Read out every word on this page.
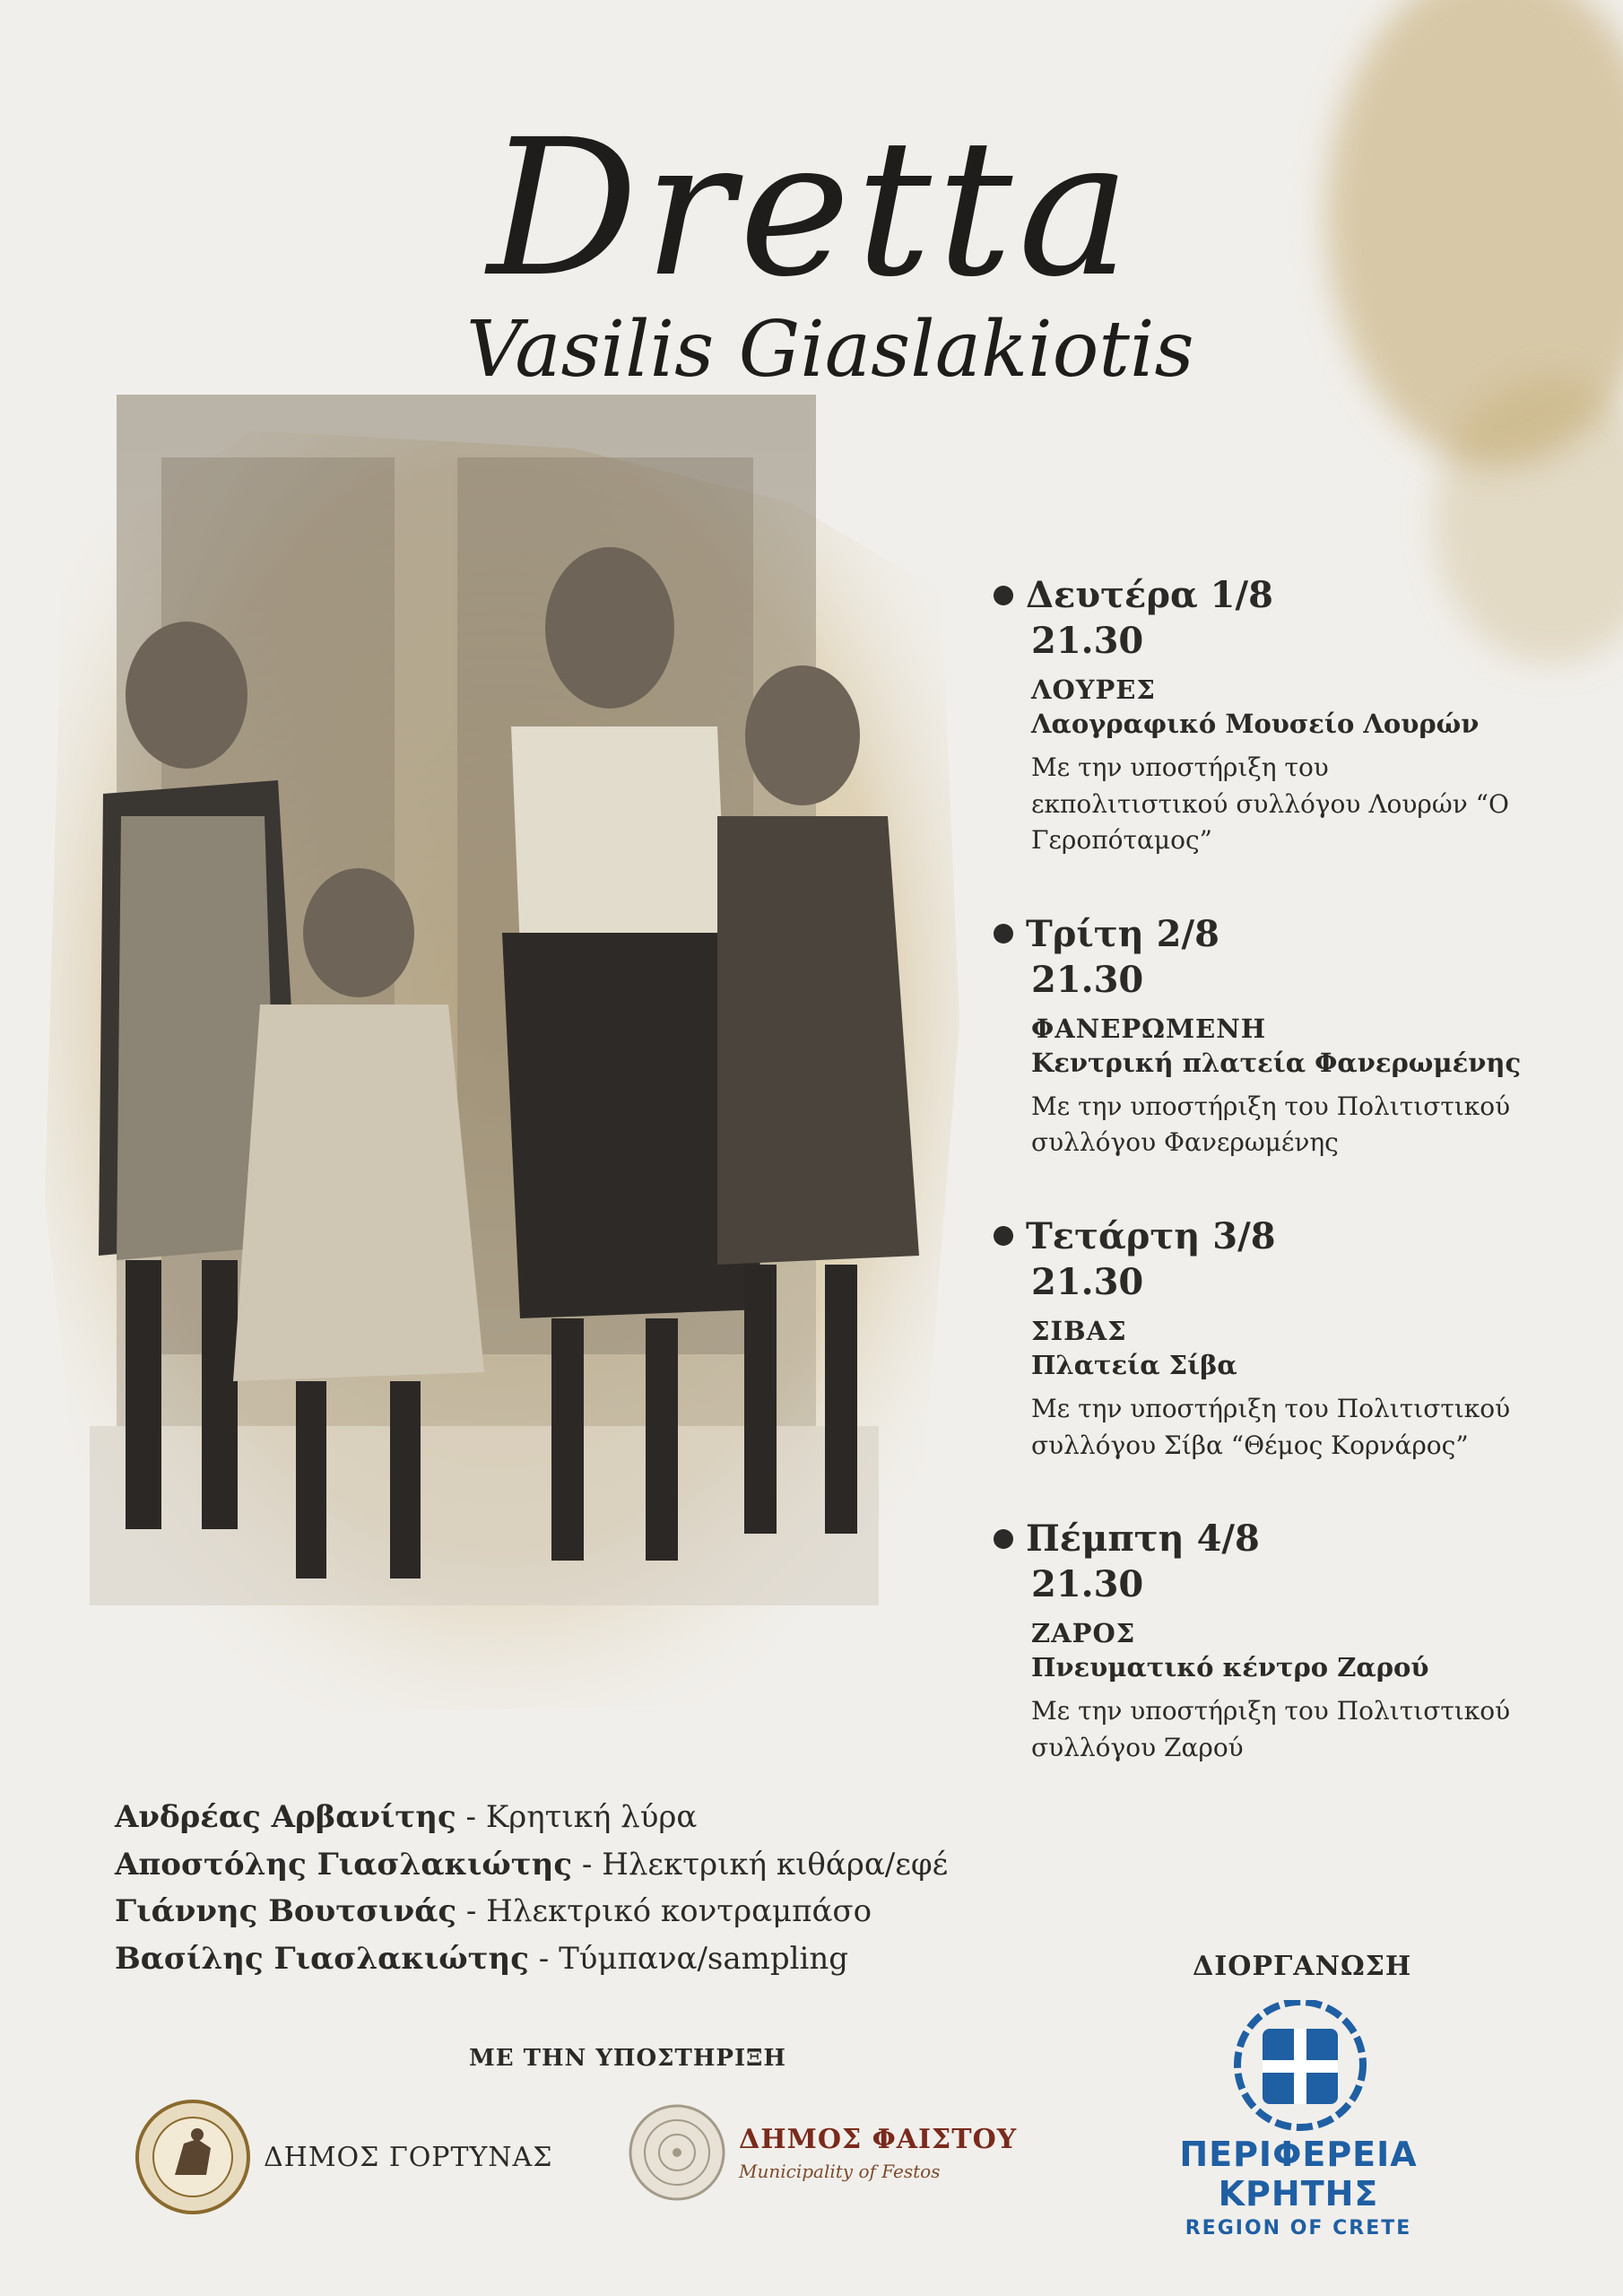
Dretta
Vasilis Giaslakiotis
Δευτέρα 1/8
21.30
ΛΟΥΡΕΣ
Λαογραφικό Μουσείο Λουρών
Με την υποστήριξη του εκπολιτιστικού συλλόγου Λουρών “Ο Γεροπόταμος”
Τρίτη 2/8
21.30
ΦΑΝΕΡΩΜΕΝΗ
Κεντρική πλατεία Φανερωμένης
Με την υποστήριξη του Πολιτιστικού συλλόγου Φανερωμένης
Τετάρτη 3/8
21.30
ΣΙΒΑΣ
Πλατεία Σίβα
Με την υποστήριξη του Πολιτιστικού συλλόγου Σίβα “Θέμος Κορνάρος”
Πέμπτη 4/8
21.30
ΖΑΡΟΣ
Πνευματικό κέντρο Ζαρού
Με την υποστήριξη του Πολιτιστικού συλλόγου Ζαρού
Ανδρέας Αρβανίτης - Κρητική λύρα
Αποστόλης Γιασλακιώτης - Ηλεκτρική κιθάρα/εφέ
Γιάννης Βουτσινάς - Ηλεκτρικό κοντραμπάσο
Βασίλης Γιασλακιώτης - Τύμπανα/sampling
ΜΕ ΤΗΝ ΥΠΟΣΤΗΡΙΞΗ
ΔΙΟΡΓΑΝΩΣΗ
ΔΗΜΟΣ ΓΟΡΤΥΝΑΣ
ΔΗΜΟΣ ΦΑΙΣΤΟΥ
Municipality of Festos	ΠΕΡΙΦΕΡΕΙΑ ΚΡΗΤΗΣ
REGION OF CRETE
